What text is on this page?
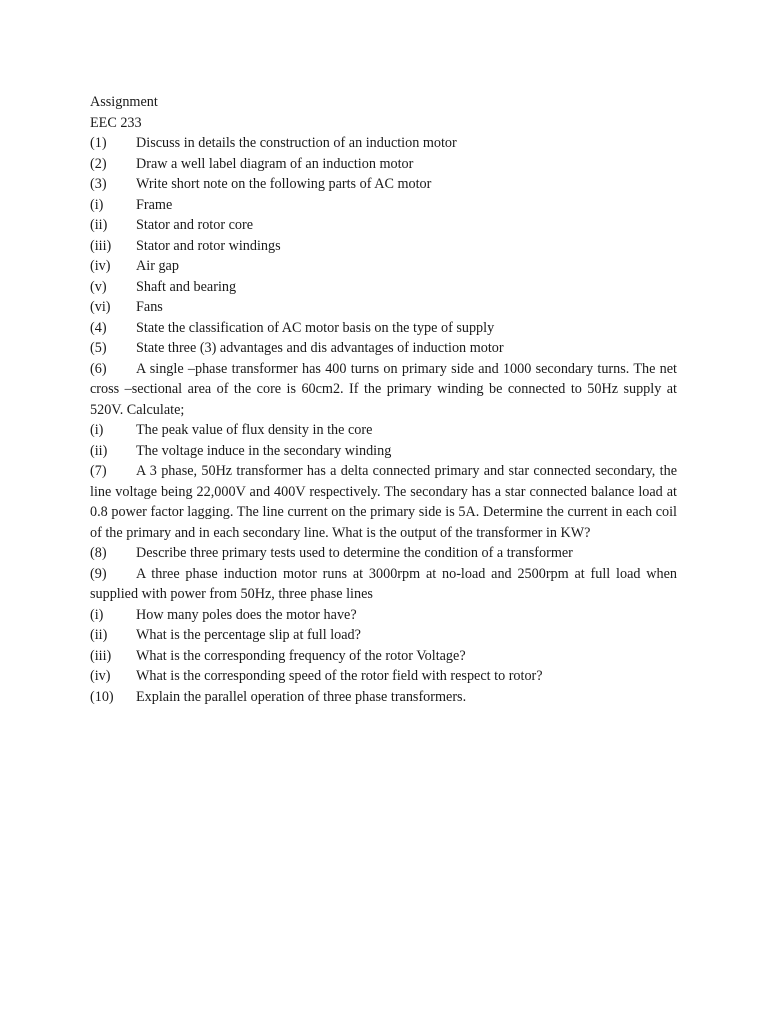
Assignment
EEC 233
(1) Discuss in details the construction of an induction motor
(2) Draw a well label diagram of an induction motor
(3) Write short note on the following parts of AC motor
(i) Frame
(ii) Stator and rotor core
(iii) Stator and rotor windings
(iv) Air gap
(v) Shaft and bearing
(vi) Fans
(4) State the classification of AC motor basis on the type of supply
(5) State three (3) advantages and dis advantages of induction motor
(6) A single –phase transformer has 400 turns on primary side and 1000 secondary turns. The net cross –sectional area of the core is 60cm2. If the primary winding be connected to 50Hz supply at 520V. Calculate;
(i) The peak value of flux density in the core
(ii) The voltage induce in the secondary winding
(7) A 3 phase, 50Hz transformer has a delta connected primary and star connected secondary, the line voltage being 22,000V and 400V respectively. The secondary has a star connected balance load at 0.8 power factor lagging. The line current on the primary side is 5A. Determine the current in each coil of the primary and in each secondary line. What is the output of the transformer in KW?
(8) Describe three primary tests used to determine the condition of a transformer
(9) A three phase induction motor runs at 3000rpm at no-load and 2500rpm at full load when supplied with power from 50Hz, three phase lines
(i) How many poles does the motor have?
(ii) What is the percentage slip at full load?
(iii) What is the corresponding frequency of the rotor Voltage?
(iv) What is the corresponding speed of the rotor field with respect to rotor?
(10) Explain the parallel operation of three phase transformers.
